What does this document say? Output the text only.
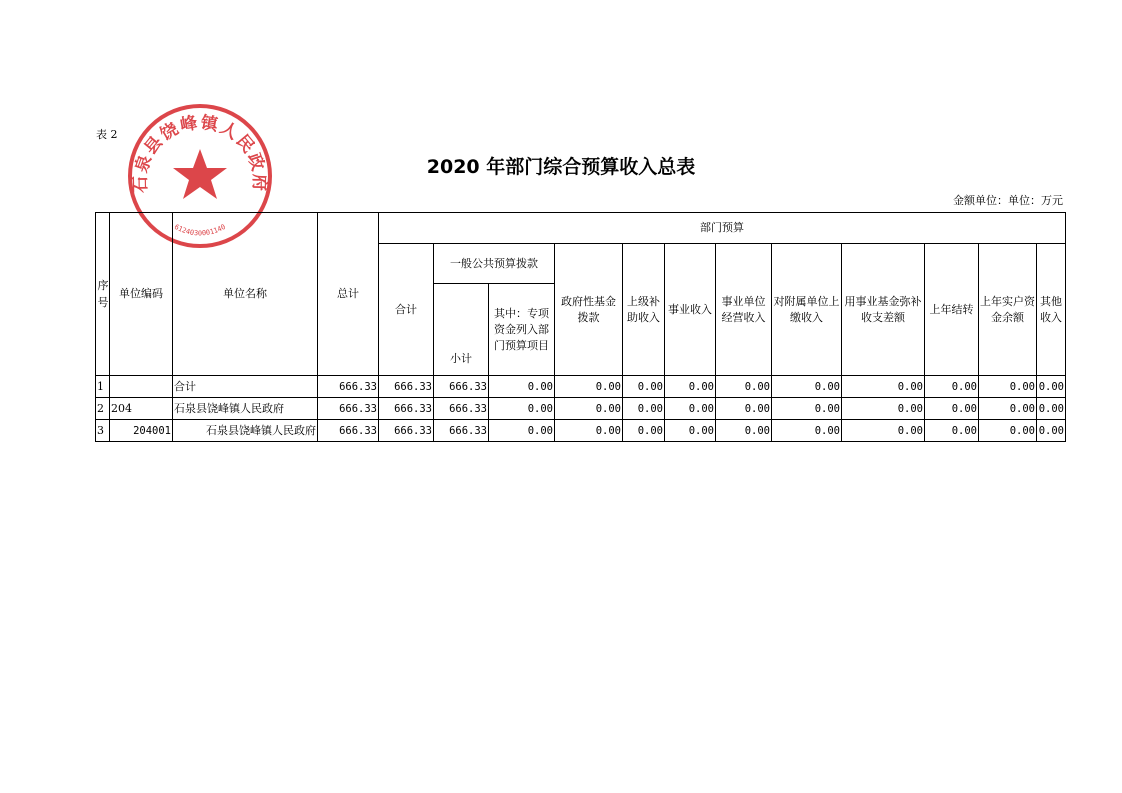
表 2
石泉县饶峰镇人民政府
6124030001140
2020 年部门综合预算收入总表
金额单位：单位：万元
序号	单位编码	单位名称	总计	部门预算											
				合计	一般公共预算拨款		政府性基金拨款	上级补助收入	事业收入	事业单位经营收入	对附属单位上缴收入	用事业基金弥补收支差额	上年结转	上年实户资金余额	其他收入
					小计	其中：专项资金列入部门预算项目									
1		合计	666.33	666.33	666.33	0.00	0.00	0.00	0.00	0.00	0.00	0.00	0.00	0.00	0.00
2	204	石泉县饶峰镇人民政府	666.33	666.33	666.33	0.00	0.00	0.00	0.00	0.00	0.00	0.00	0.00	0.00	0.00
3	204001	石泉县饶峰镇人民政府	666.33	666.33	666.33	0.00	0.00	0.00	0.00	0.00	0.00	0.00	0.00	0.00	0.00
